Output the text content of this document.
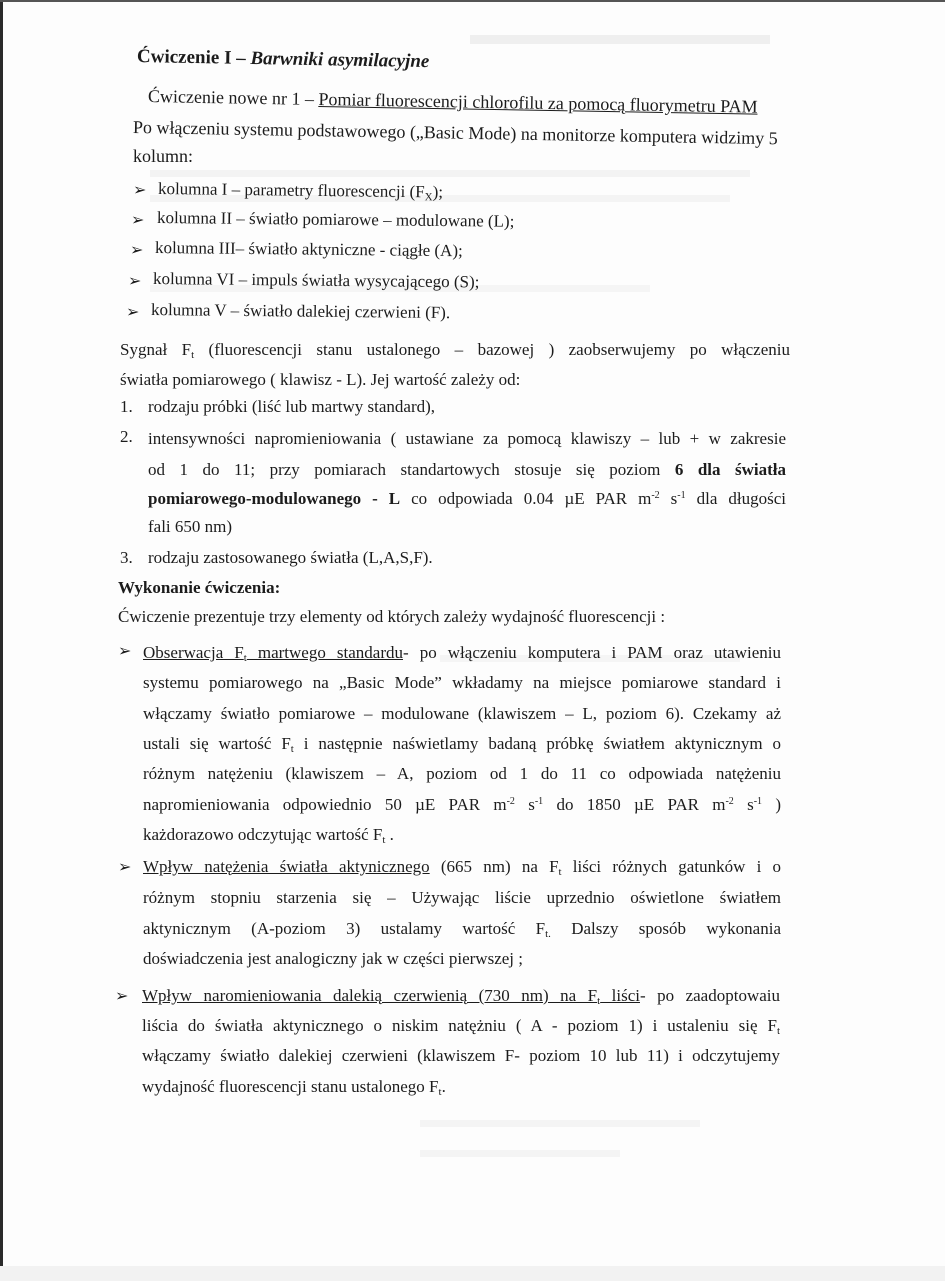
Ćwiczenie I – Barwniki asymilacyjne
Ćwiczenie nowe nr 1 – Pomiar fluorescencji chlorofilu za pomocą fluorymetru PAM
Po włączeniu systemu podstawowego („Basic Mode) na monitorze komputera widzimy 5
kolumn:
➢ kolumna I – parametry fluorescencji $(F_X)$;
➢ kolumna II – światło pomiarowe – modulowane (L);
➢ kolumna III– światło aktyniczne - ciągłe (A);
➢ kolumna VI – impuls światła wysycającego (S);
➢ kolumna V – światło dalekiej czerwieni (F).
Sygnał $F_t$ (fluorescencji stanu ustalonego – bazowej ) zaobserwujemy po włączeniu
światła pomiarowego ( klawisz - L). Jej wartość zależy od:
1. rodzaju próbki (liść lub martwy standard),
2. intensywności napromieniowania ( ustawiane za pomocą klawiszy – lub + w zakresie
od 1 do 11; przy pomiarach standartowych stosuje się poziom 6 dla światła
pomiarowego-modulowanego - L co odpowiada 0.04 µE PAR $m^{-2}$ $s^{-1}$ dla długości
fali 650 nm)
3. rodzaju zastosowanego światła (L,A,S,F).
Wykonanie ćwiczenia:
Ćwiczenie prezentuje trzy elementy od których zależy wydajność fluorescencji :
➢ Obserwacja $F_t$ martwego standardu- po włączeniu komputera i PAM oraz utawieniu
systemu pomiarowego na „Basic Mode” wkładamy na miejsce pomiarowe standard i
włączamy światło pomiarowe – modulowane (klawiszem – L, poziom 6). Czekamy aż
ustali się wartość $F_t$ i następnie naświetlamy badaną próbkę światłem aktynicznym o
różnym natężeniu (klawiszem – A, poziom od 1 do 11 co odpowiada natężeniu
napromieniowania odpowiednio 50 µE PAR $m^{-2}$ $s^{-1}$ do 1850 µE PAR $m^{-2}$ $s^{-1}$ )
każdorazowo odczytując wartość $F_t$ .
➢ Wpływ natężenia światła aktynicznego (665 nm) na $F_t$ liści różnych gatunków i o
różnym stopniu starzenia się – Używając liście uprzednio oświetlone światłem
aktynicznym (A-poziom 3) ustalamy wartość $F_{t.}$ Dalszy sposób wykonania
doświadczenia jest analogiczny jak w części pierwszej ;
➢ Wpływ naromieniowania dalekią czerwienią (730 nm) na $F_t$ liści- po zaadoptowaiu
liścia do światła aktynicznego o niskim natężniu ( A - poziom 1) i ustaleniu się $F_t$
włączamy światło dalekiej czerwieni (klawiszem F- poziom 10 lub 11) i odczytujemy
wydajność fluorescencji stanu ustalonego $F_t$.
